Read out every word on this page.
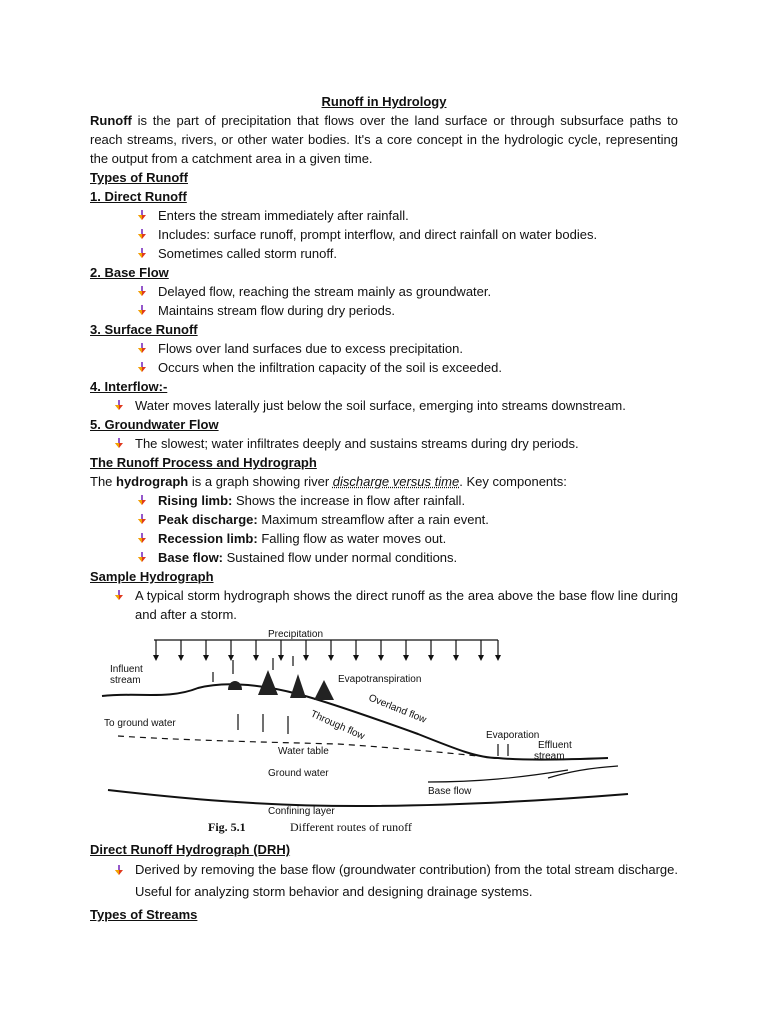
Runoff in Hydrology

Runoff is the part of precipitation that flows over the land surface or through subsurface paths to reach streams, rivers, or other water bodies. It's a core concept in the hydrologic cycle, representing the output from a catchment area in a given time.

Types of Runoff
1. Direct Runoff
Enters the stream immediately after rainfall.
Includes: surface runoff, prompt interflow, and direct rainfall on water bodies.
Sometimes called storm runoff.
2. Base Flow
Delayed flow, reaching the stream mainly as groundwater.
Maintains stream flow during dry periods.
3. Surface Runoff
Flows over land surfaces due to excess precipitation.
Occurs when the infiltration capacity of the soil is exceeded.
4. Interflow:-
Water moves laterally just below the soil surface, emerging into streams downstream.
5. Groundwater Flow
The slowest; water infiltrates deeply and sustains streams during dry periods.
The Runoff Process and Hydrograph

The hydrograph is a graph showing river discharge versus time. Key components:

Rising limb: Shows the increase in flow after rainfall.
Peak discharge: Maximum streamflow after a rain event.
Recession limb: Falling flow as water moves out.
Base flow: Sustained flow under normal conditions.
Sample Hydrograph
A typical storm hydrograph shows the direct runoff as the area above the base flow line during and after a storm.
Precipitation
Influent
stream	Evapotranspiration
Overland flow
Through flow
To ground water
Water table
Evaporation
Effluent
stream
Ground water
Base flow
Confining layer
Fig. 5.1	Different routes of runoff
Direct Runoff Hydrograph (DRH)
Derived by removing the base flow (groundwater contribution) from the total stream discharge. Useful for analyzing storm behavior and designing drainage systems.
Types of Streams
